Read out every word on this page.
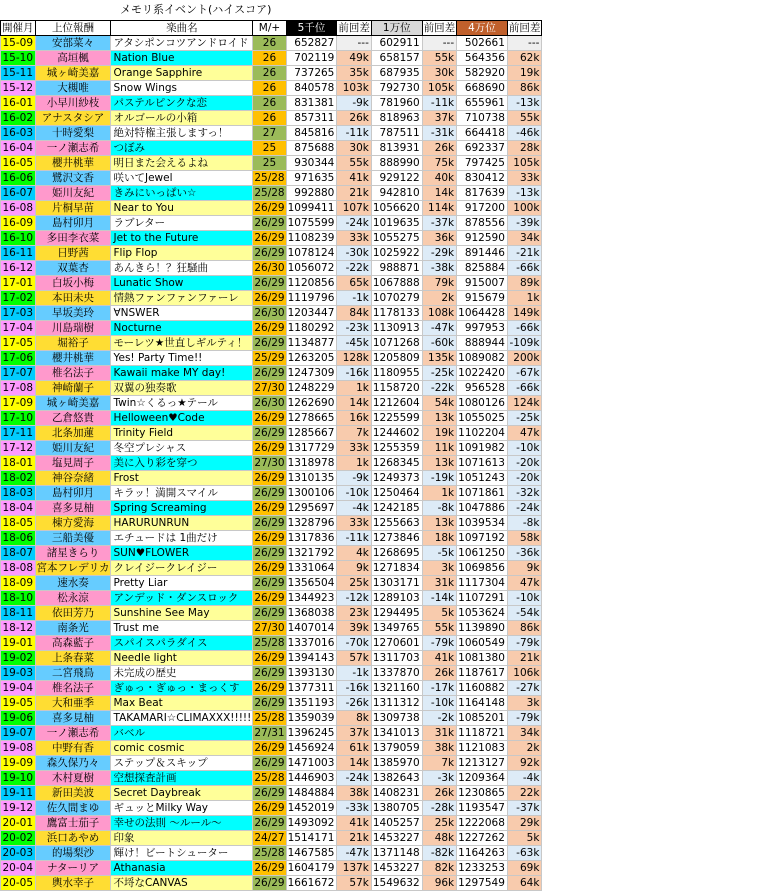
メモリ系イベント(ハイスコア)
開催月	上位報酬	楽曲名	M/+	5千位	前回差	1万位	前回差	4万位	前回差
15-09	安部菜々	アタシポンコツアンドロイド	26	652827	---	602911	---	502661	---
15-10	高垣楓	Nation Blue	26	702119	49k	658157	55k	564356	62k
15-11	城ヶ崎美嘉	Orange Sapphire	26	737265	35k	687935	30k	582920	19k
15-12	大槻唯	Snow Wings	26	840578	103k	792730	105k	668690	86k
16-01	小早川紗枝	パステルピンクな恋	26	831381	-9k	781960	-11k	655961	-13k
16-02	アナスタシア	オルゴールの小箱	26	857311	26k	818963	37k	710738	55k
16-03	十時愛梨	絶対特権主張しますっ！	27	845816	-11k	787511	-31k	664418	-46k
16-04	一ノ瀬志希	つぼみ	25	875688	30k	813931	26k	692337	28k
16-05	櫻井桃華	明日また会えるよね	25	930344	55k	888990	75k	797425	105k
16-06	鷺沢文香	咲いてJewel	25/28	971635	41k	929122	40k	830412	33k
16-07	姫川友紀	きみにいっぱい☆	25/28	992880	21k	942810	14k	817639	-13k
16-08	片桐早苗	Near to You	26/29	1099411	107k	1056620	114k	917200	100k
16-09	島村卯月	ラブレター	26/29	1075599	-24k	1019635	-37k	878556	-39k
16-10	多田李衣菜	Jet to the Future	26/29	1108239	33k	1055275	36k	912590	34k
16-11	日野茜	Flip Flop	26/29	1078124	-30k	1025922	-29k	891446	-21k
16-12	双葉杏	あんきら！？狂騒曲	26/30	1056072	-22k	988871	-38k	825884	-66k
17-01	白坂小梅	Lunatic Show	26/29	1120856	65k	1067888	79k	915007	89k
17-02	本田未央	情熱ファンファンファーレ	26/29	1119796	-1k	1070279	2k	915679	1k
17-03	早坂美玲	∀NSWER	26/30	1203447	84k	1178133	108k	1064428	149k
17-04	川島瑞樹	Nocturne	26/29	1180292	-23k	1130913	-47k	997953	-66k
17-05	堀裕子	モーレツ★世直しギルティ！	26/29	1134877	-45k	1071268	-60k	888944	-109k
17-06	櫻井桃華	Yes! Party Time!!	25/29	1263205	128k	1205809	135k	1089082	200k
17-07	椎名法子	Kawaii make MY day!	26/29	1247309	-16k	1180955	-25k	1022420	-67k
17-08	神崎蘭子	双翼の独奏歌	27/30	1248229	1k	1158720	-22k	956528	-66k
17-09	城ヶ崎美嘉	Twin☆くるっ★テール	26/30	1262690	14k	1212604	54k	1080126	124k
17-10	乙倉悠貴	Helloween♥Code	26/29	1278665	16k	1225599	13k	1055025	-25k
17-11	北条加蓮	Trinity Field	26/29	1285667	7k	1244602	19k	1102204	47k
17-12	姫川友紀	冬空プレシャス	26/29	1317729	33k	1255359	11k	1091982	-10k
18-01	塩見周子	美に入り彩を穿つ	27/30	1318978	1k	1268345	13k	1071613	-20k
18-02	神谷奈緒	Frost	26/29	1310135	-9k	1249373	-19k	1051243	-20k
18-03	島村卯月	キラッ！満開スマイル	26/29	1300106	-10k	1250464	1k	1071861	-32k
18-04	喜多見柚	Spring Screaming	26/29	1295697	-4k	1242185	-8k	1047886	-24k
18-05	棟方愛海	HARURUNRUN	26/29	1328796	33k	1255663	13k	1039534	-8k
18-06	三船美優	エチュードは 1曲だけ	26/29	1317836	-11k	1273846	18k	1097192	58k
18-07	諸星きらり	SUN♥FLOWER	26/29	1321792	4k	1268695	-5k	1061250	-36k
18-08	宮本フレデリカ	クレイジークレイジー	26/29	1331064	9k	1271834	3k	1069856	9k
18-09	速水奏	Pretty Liar	26/29	1356504	25k	1303171	31k	1117304	47k
18-10	松永涼	アンデッド・ダンスロック	26/29	1344923	-12k	1289103	-14k	1107291	-10k
18-11	依田芳乃	Sunshine See May	26/29	1368038	23k	1294495	5k	1053624	-54k
18-12	南条光	Trust me	27/30	1407014	39k	1349765	55k	1139890	86k
19-01	高森藍子	スパイスパラダイス	25/28	1337016	-70k	1270601	-79k	1060549	-79k
19-02	上条春菜	Needle light	26/29	1394143	57k	1311703	41k	1081380	21k
19-03	二宮飛鳥	未完成の歴史	26/29	1393130	-1k	1337870	26k	1187617	106k
19-04	椎名法子	ぎゅっ・ぎゅっ・まっくす	26/29	1377311	-16k	1321160	-17k	1160882	-27k
19-05	大和亜季	Max Beat	26/29	1351193	-26k	1311312	-10k	1164148	3k
19-06	喜多見柚	TAKAMARI☆CLIMAXXX!!!!!	25/28	1359039	8k	1309738	-2k	1085201	-79k
19-07	一ノ瀬志希	バベル	27/31	1396245	37k	1341013	31k	1118721	34k
19-08	中野有香	comic cosmic	26/29	1456924	61k	1379059	38k	1121083	2k
19-09	森久保乃々	ステップ＆スキップ	26/29	1471003	14k	1385970	7k	1213127	92k
19-10	木村夏樹	空想探査計画	25/28	1446903	-24k	1382643	-3k	1209364	-4k
19-11	新田美波	Secret Daybreak	26/29	1484884	38k	1408231	26k	1230865	22k
19-12	佐久間まゆ	ギュッとMilky Way	26/29	1452019	-33k	1380705	-28k	1193547	-37k
20-01	鷹富士茄子	幸せの法則 〜ルール〜	26/29	1493092	41k	1405257	25k	1222068	29k
20-02	浜口あやめ	印象	24/27	1514171	21k	1453227	48k	1227262	5k
20-03	的場梨沙	輝け！ビートシューター	25/28	1467585	-47k	1371148	-82k	1164263	-63k
20-04	ナターリア	Athanasia	26/29	1604179	137k	1453227	82k	1233253	69k
20-05	輿水幸子	不埒なCANVAS	26/29	1661672	57k	1549632	96k	1297549	64k
